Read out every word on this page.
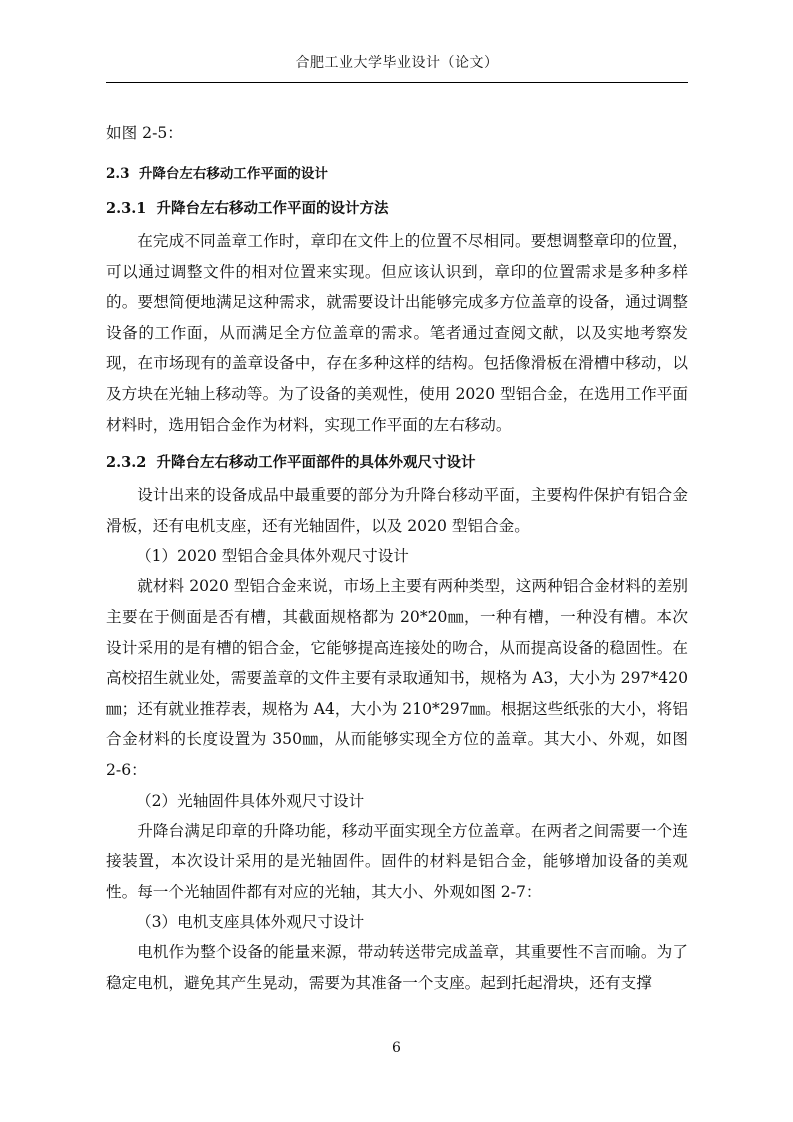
合肥工业大学毕业设计（论文）
如图 2-5：
2.3 升降台左右移动工作平面的设计
2.3.1 升降台左右移动工作平面的设计方法
在完成不同盖章工作时，章印在文件上的位置不尽相同。要想调整章印的位置，可以通过调整文件的相对位置来实现。但应该认识到，章印的位置需求是多种多样的。要想简便地满足这种需求，就需要设计出能够完成多方位盖章的设备，通过调整设备的工作面，从而满足全方位盖章的需求。笔者通过查阅文献，以及实地考察发现，在市场现有的盖章设备中，存在多种这样的结构。包括像滑板在滑槽中移动，以及方块在光轴上移动等。为了设备的美观性，使用 2020 型铝合金，在选用工作平面材料时，选用铝合金作为材料，实现工作平面的左右移动。
2.3.2 升降台左右移动工作平面部件的具体外观尺寸设计
设计出来的设备成品中最重要的部分为升降台移动平面，主要构件保护有铝合金滑板，还有电机支座，还有光轴固件，以及 2020 型铝合金。
（1）2020 型铝合金具体外观尺寸设计
就材料 2020 型铝合金来说，市场上主要有两种类型，这两种铝合金材料的差别主要在于侧面是否有槽，其截面规格都为 20*20㎜，一种有槽，一种没有槽。本次设计采用的是有槽的铝合金，它能够提高连接处的吻合，从而提高设备的稳固性。在高校招生就业处，需要盖章的文件主要有录取通知书，规格为 A3，大小为 297*420　㎜；还有就业推荐表，规格为 A4，大小为 210*297㎜。根据这些纸张的大小，将铝合金材料的长度设置为 350㎜，从而能够实现全方位的盖章。其大小、外观，如图 2-6：
（2）光轴固件具体外观尺寸设计
升降台满足印章的升降功能，移动平面实现全方位盖章。在两者之间需要一个连接装置，本次设计采用的是光轴固件。固件的材料是铝合金，能够增加设备的美观性。每一个光轴固件都有对应的光轴，其大小、外观如图 2-7：
（3）电机支座具体外观尺寸设计
电机作为整个设备的能量来源，带动转送带完成盖章，其重要性不言而喻。为了稳定电机，避免其产生晃动，需要为其准备一个支座。起到托起滑块，还有支撑
6
